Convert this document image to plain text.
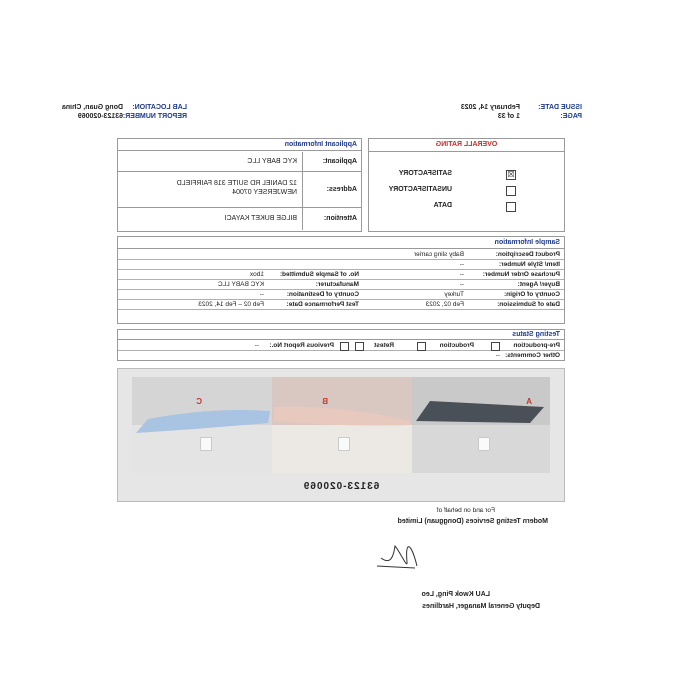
LAB LOCATION:
REPORT NUMBER:
Dong Guan, China
63123-020069
ISSUE DATE:
PAGE:
February 14, 2023
1 of 33
OVERALL RATING
☒
SATISFACTORY
UNSATISFACTORY
DATA
Applicant Information
Applicant:
KYC BABY LLC
Address:
12 DANIEL RD SUITE 318 FAIRFIELD
NEWJERSEY 07004
Attention:
BILGE BUKET KAYACI
Sample Information
Product Description:
Baby sling carrier
Item/ Style Number:
--
Purchase Order Number:
--
No. of Sample Submitted:
1box
Buyer/ Agent:
--
Manufacturer:
KYC BABY LLC
Country of Origin:
Turkey
Country of Destination:
--
Date of Submission:
Feb 02, 2023
Test Performance Date:
Feb 02 – Feb 14, 2023
Testing Status
Pre-production
Production
Retest
Previous Report No.:
--
Other Comments:
--
A
B
C
63123-020069
For and on behalf of
Modern Testing Services (Dongguan) Limited
LAU Kwok Ping, Leo
Deputy General Manager, Hardlines
